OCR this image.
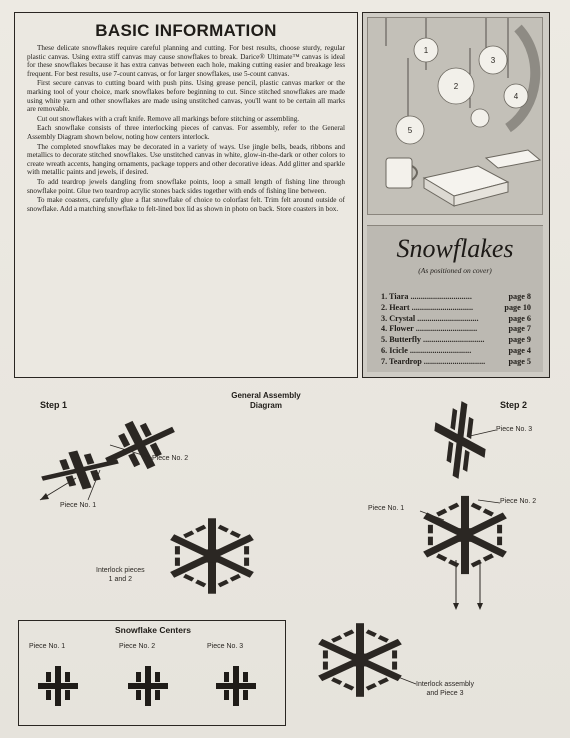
BASIC INFORMATION

These delicate snowflakes require careful planning and cutting. For best results, choose sturdy, regular plastic canvas. Using extra stiff canvas may cause snowflakes to break. Darice® Ultimate™ canvas is ideal for these snowflakes because it has extra canvas between each hole, making cutting easier and breakage less frequent. For best results, use 7-count canvas, or for larger snowflakes, use 5-count canvas.

First secure canvas to cutting board with push pins. Using grease pencil, plastic canvas marker or the marking tool of your choice, mark snowflakes before beginning to cut. Since stitched snowflakes are made using white yarn and other snowflakes are made using unstitched canvas, you'll want to be certain all marks are removable.

Cut out snowflakes with a craft knife. Remove all markings before stitching or assembling.

Each snowflake consists of three interlocking pieces of canvas. For assembly, refer to the General Assembly Diagram shown below, noting how centers interlock.

The completed snowflakes may be decorated in a variety of ways. Use jingle bells, beads, ribbons and metallics to decorate stitched snowflakes. Use unstitched canvas in white, glow-in-the-dark or other colors to create wreath accents, hanging ornaments, package toppers and other decorative ideas. Add glitter and sparkle with metallic paints and jewels, if desired.

To add teardrop jewels dangling from snowflake points, loop a small length of fishing line through snowflake point. Glue two teardrop acrylic stones back sides together with ends of fishing line between.

To make coasters, carefully glue a flat snowflake of choice to colorfast felt. Trim felt around outside of snowflake. Add a matching snowflake to felt-lined box lid as shown in photo on back. Store coasters in box.

1
2
3
4
5
Snowflakes
(As positioned on cover)
1. Tiara ..............................	page 8
2. Heart ..............................	page 10
3. Crystal ..............................	page 6
4. Flower ..............................	page 7
5. Butterfly ..............................	page 9
6. Icicle ..............................	page 4
7. Teardrop ..............................	page 5
General Assembly
Diagram
Step 1	Step 2
Piece No. 2
Piece No. 1
Interlock pieces
1 and 2
Piece No. 3
Piece No. 1
Piece No. 2
Interlock assembly
and Piece 3
Snowflake Centers
Piece No. 1	Piece No. 2	Piece No. 3
